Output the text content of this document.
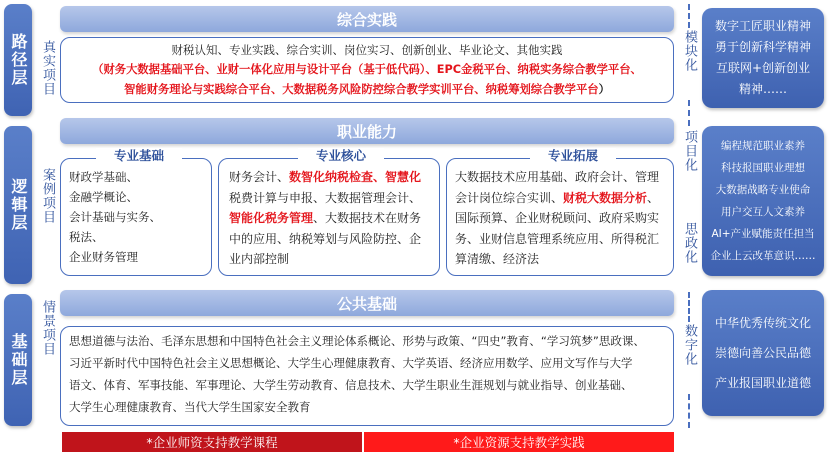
路径层
逻辑层
基础层
真实项目
案例项目
情景项目
综合实践
财税认知、专业实践、综合实训、岗位实习、创新创业、毕业论文、其他实践
（财务大数据基础平台、业财一体化应用与设计平台（基于低代码）、EPC金税平台、纳税实务综合教学平台、
智能财务理论与实践综合平台、大数据税务风险防控综合教学实训平台、纳税筹划综合教学平台）
职业能力
财政学基础、
金融学概论、
会计基础与实务、
税法、
企业财务管理
专业基础
财务会计、数智化纳税检查、智慧化税费计算与申报、大数据管理会计、智能化税务管理、大数据技术在财务中的应用、纳税筹划与风险防控、企业内部控制
专业核心
大数据技术应用基础、政府会计、管理会计岗位综合实训、财税大数据分析、国际预算、企业财税顾问、政府采购实务、业财信息管理系统应用、所得税汇算清缴、经济法
专业拓展
公共基础
思想道德与法治、毛泽东思想和中国特色社会主义理论体系概论、形势与政策、“四史”教育、“学习筑梦”思政课、
习近平新时代中国特色社会主义思想概论、大学生心理健康教育、大学英语、经济应用数学、应用文写作与大学
语文、体育、军事技能、军事理论、大学生劳动教育、信息技术、大学生职业生涯规划与就业指导、创业基础、
大学生心理健康教育、当代大学生国家安全教育
*企业师资支持教学课程	*企业资源支持教学实践
模块化
项目化
思政化
数字化
数字工匠职业精神
勇于创新科学精神
互联网+创新创业
精神……
编程规范职业素养
科技报国职业理想
大数据战略专业使命
用户交互人文素养
AI+产业赋能责任担当
企业上云改革意识……
中华优秀传统文化
崇德向善公民品德
产业报国职业道德
